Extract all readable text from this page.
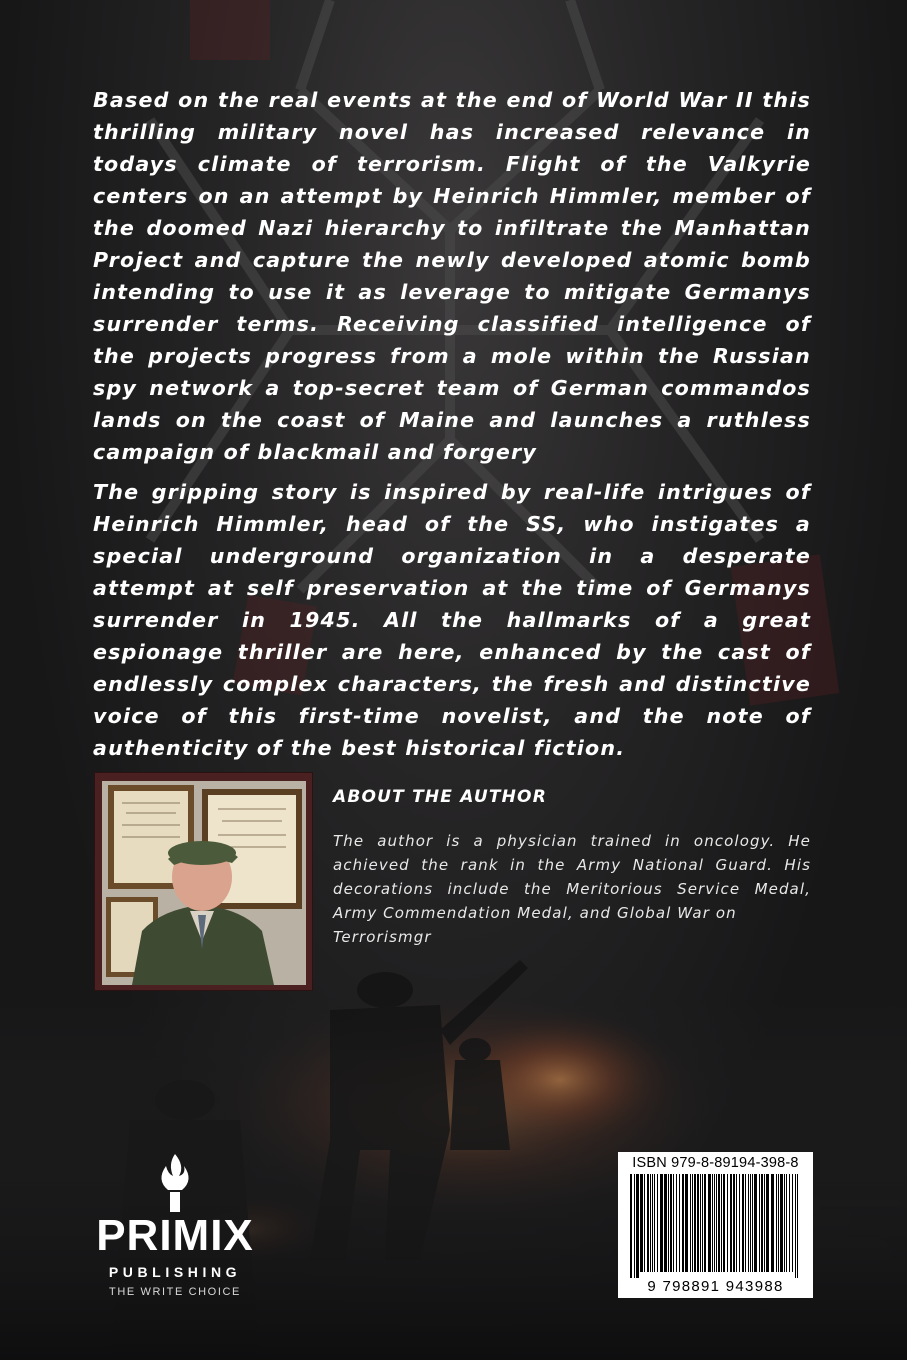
Based on the real events at the end of World War II this thrilling military novel has increased relevance in todays climate of terrorism. Flight of the Valkyrie centers on an attempt by Heinrich Himmler, member of the doomed Nazi hierarchy to infiltrate the Manhattan Project and capture the newly developed atomic bomb intending to use it as leverage to mitigate Germanys surrender terms. Receiving classified intelligence of the projects progress from a mole within the Russian spy network a top-secret team of German commandos lands on the coast of Maine and launches a ruthless campaign of blackmail and forgery

The gripping story is inspired by real-life intrigues of Heinrich Himmler, head of the SS, who instigates a special underground organization in a desperate attempt at self preservation at the time of Germanys surrender in 1945. All the hallmarks of a great espionage thriller are here, enhanced by the cast of endlessly complex characters, the fresh and distinctive voice of this first-time novelist, and the note of authenticity of the best historical fiction.

ABOUT THE AUTHOR

The author is a physician trained in oncology. He achieved the rank in the Army National Guard. His decorations include the Meritorious Service Medal, Army Commendation Medal, and Global War on
Terrorismgr

PRIMIX
PUBLISHING
THE WRITE CHOICE
ISBN 979-8-89194-398-8
9 798891 943988
